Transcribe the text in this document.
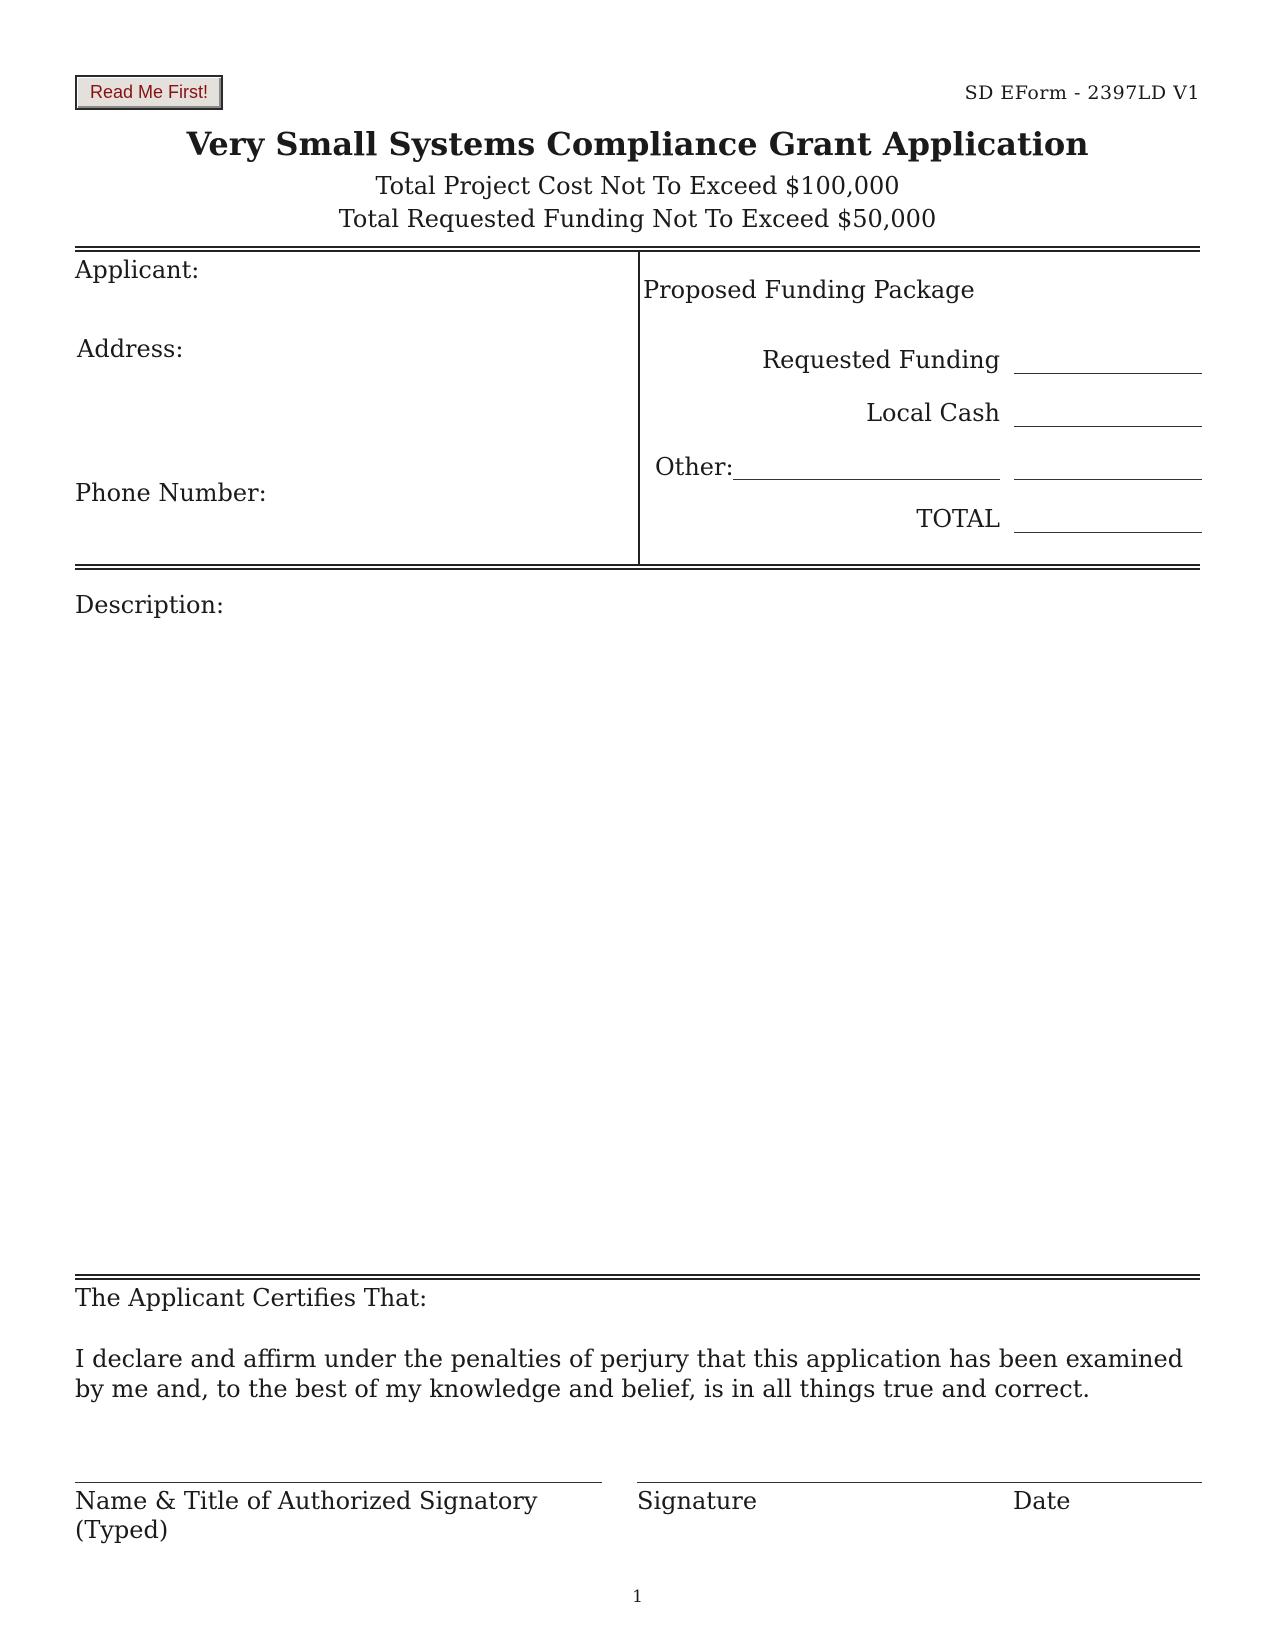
Read Me First!	SD EForm - 2397LD V1
Very Small Systems Compliance Grant Application
Total Project Cost Not To Exceed $100,000
Total Requested Funding Not To Exceed $50,000
Applicant:
Address:
Phone Number:
Proposed Funding Package
Requested Funding
Local Cash
Other:
TOTAL
Description:
The Applicant Certifies That:
I declare and affirm under the penalties of perjury that this application has been examined
by me and, to the best of my knowledge and belief, is in all things true and correct.
Name & Title of Authorized Signatory
(Typed)
Signature	Date
1
